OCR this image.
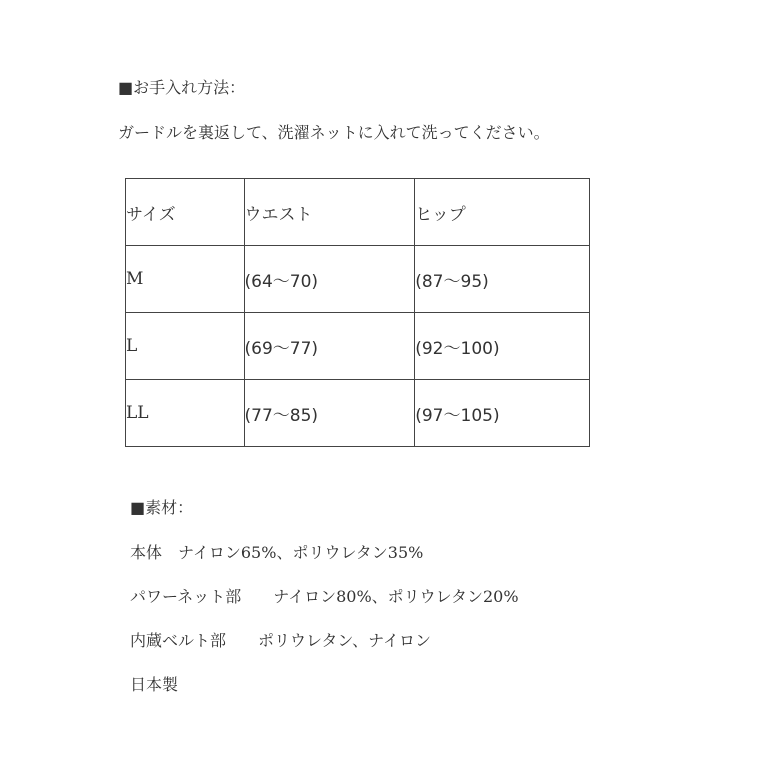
■お手入れ方法：
ガードルを裏返して、洗濯ネットに入れて洗ってください。
サイズ	ウエスト	ヒップ
M	(64〜70)	(87〜95)
L	(69〜77)	(92〜100)
LL	(77〜85)	(97〜105)
■素材：
本体　ナイロン65%、ポリウレタン35%
パワーネット部　　ナイロン80%、ポリウレタン20%
内蔵ベルト部　　ポリウレタン、ナイロン
日本製
